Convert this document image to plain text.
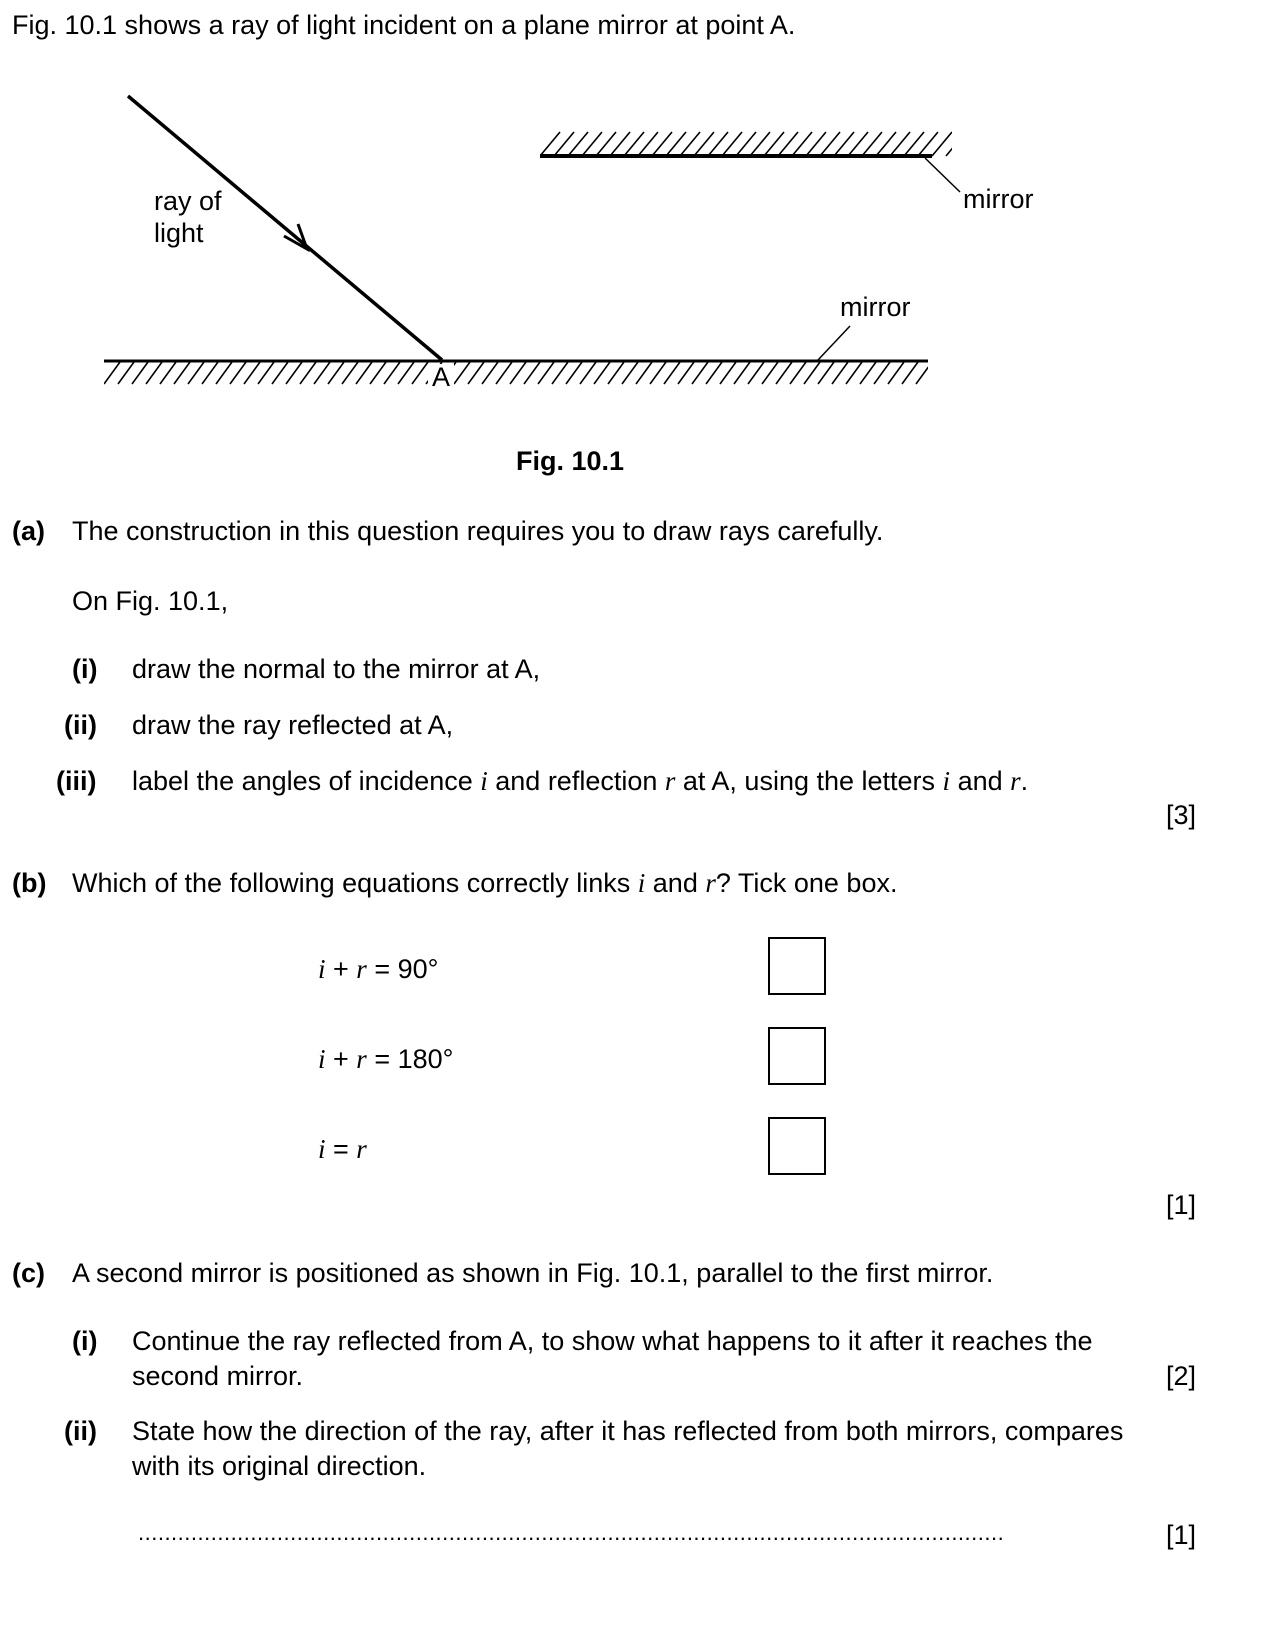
Fig. 10.1 shows a ray of light incident on a plane mirror at point A.
mirror
mirror
ray of
light
A
Fig. 10.1
(a) The construction in this question requires you to draw rays carefully.
On Fig. 10.1,
(i) draw the normal to the mirror at A,
(ii) draw the ray reflected at A,
(iii) label the angles of incidence i and reflection r at A, using the letters i and r.
[3]
(b) Which of the following equations correctly links i and r? Tick one box.
i + r = 90°
i + r = 180°
i = r
[1]
(c) A second mirror is positioned as shown in Fig. 10.1, parallel to the first mirror.
(i) Continue the ray reflected from A, to show what happens to it after it reaches the
second mirror.	[2]
(ii) State how the direction of the ray, after it has reflected from both mirrors, compares
with its original direction.
...................................................................................................................................	[1]
